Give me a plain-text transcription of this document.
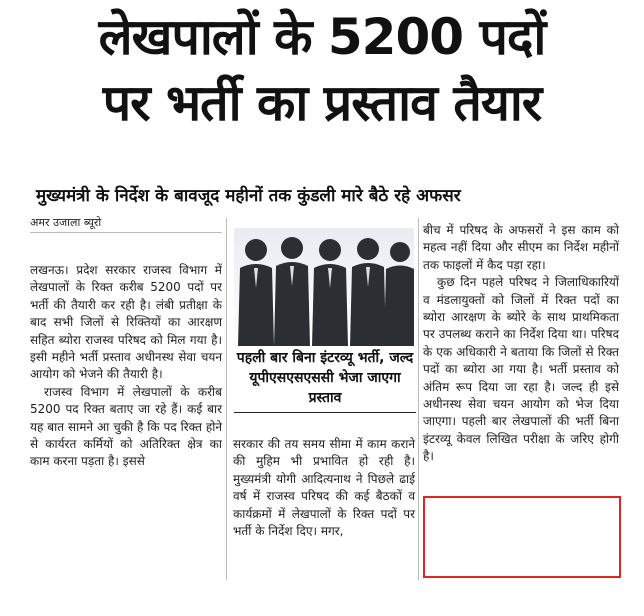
लेखपालों के 5200 पदों
पर भर्ती का प्रस्ताव तैयार
मुख्यमंत्री के निर्देश के बावजूद महीनों तक कुंडली मारे बैठे रहे अफसर
अमर उजाला ब्यूरो

लखनऊ। प्रदेश सरकार राजस्व विभाग में लेखपालों के रिक्त करीब 5200 पदों पर भर्ती की तैयारी कर रही है। लंबी प्रतीक्षा के बाद सभी जिलों से रिक्तियों का आरक्षण सहित ब्योरा राजस्व परिषद को मिल गया है। इसी महीने भर्ती प्रस्ताव अधीनस्थ सेवा चयन आयोग को भेजने की तैयारी है।

राजस्व विभाग में लेखपालों के करीब 5200 पद रिक्त बताए जा रहे हैं। कई बार यह बात सामने आ चुकी है कि पद रिक्त होने से कार्यरत कर्मियों को अतिरिक्त क्षेत्र का काम करना पड़ता है। इससे

पहली बार बिना इंटरव्यू भर्ती, जल्द यूपीएसएसएससी भेजा जाएगा प्रस्ताव

सरकार की तय समय सीमा में काम कराने की मुहिम भी प्रभावित हो रही है। मुख्यमंत्री योगी आदित्यनाथ ने पिछले ढाई वर्ष में राजस्व परिषद की कई बैठकों व कार्यक्रमों में लेखपालों के रिक्त पदों पर भर्ती के निर्देश दिए। मगर,

बीच में परिषद के अफसरों ने इस काम को महत्व नहीं दिया और सीएम का निर्देश महीनों तक फाइलों में कैद पड़ा रहा।

कुछ दिन पहले परिषद ने जिलाधिकारियों व मंडलायुक्तों को जिलों में रिक्त पदों का ब्योरा आरक्षण के ब्योरे के साथ प्राथमिकता पर उपलब्ध कराने का निर्देश दिया था। परिषद के एक अधिकारी ने बताया कि जिलों से रिक्त पदों का ब्योरा आ गया है। भर्ती प्रस्ताव को अंतिम रूप दिया जा रहा है। जल्द ही इसे अधीनस्थ सेवा चयन आयोग को भेज दिया जाएगा। पहली बार लेखपालों की भर्ती बिना इंटरव्यू केवल लिखित परीक्षा के जरिए होगी है।
